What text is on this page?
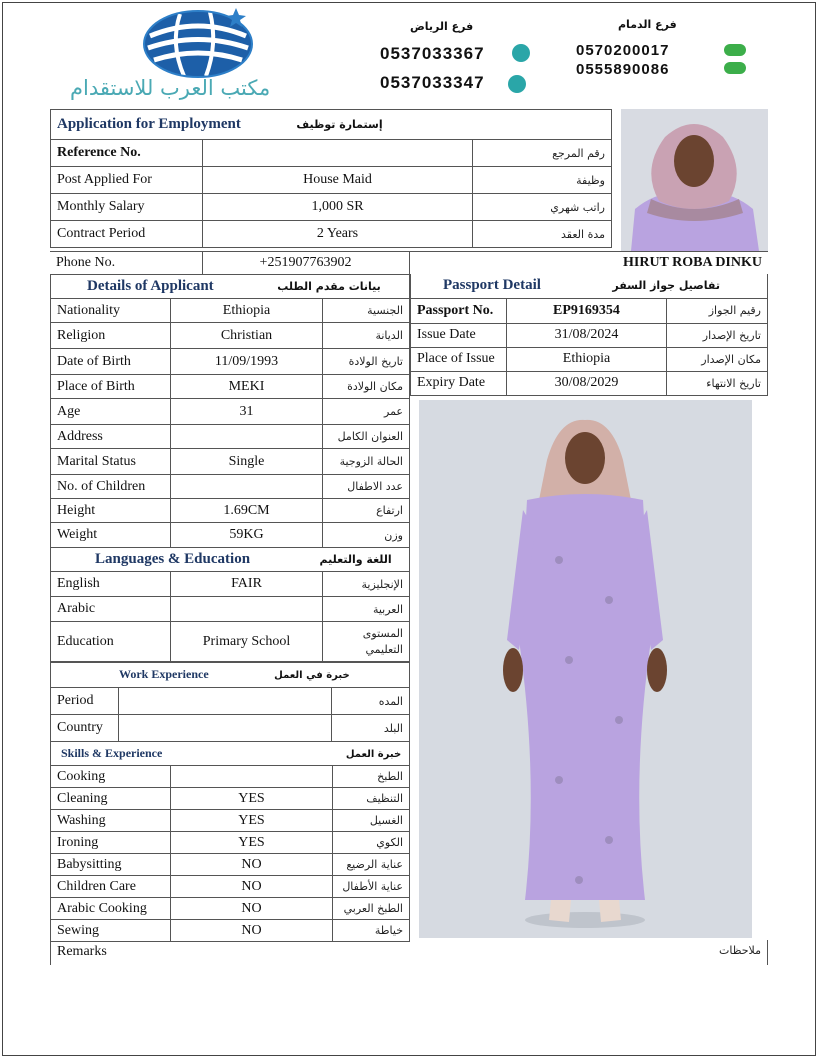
مكتب العرب للاستقدام
فرع الرياض
0537033367
0537033347
فرع الدمام
0570200017
0555890086
Application for Employment إستمارة توظيف		
Reference No.		رقم المرجع
Post Applied For	House Maid	وظيفة
Monthly Salary	1,000 SR	راتب شهري
Contract Period	2 Years	مدة العقد
Phone No.	+251907763902	HIRUT ROBA DINKU
Details of Applicant بيانات مقدم الطلب		
Nationality	Ethiopia	الجنسية
Religion	Christian	الديانة
Date of Birth	11/09/1993	تاريخ الولادة
Place of Birth	MEKI	مكان الولادة
Age	31	عمر
Address		العنوان الكامل
Marital Status	Single	الحالة الزوجية
No. of Children		عدد الاطفال
Height	1.69CM	ارتفاع
Weight	59KG	وزن
Languages & Education اللغة والتعليم		
English	FAIR	الإنجليزية
Arabic		العربية
Education	Primary School	المستوى التعليمي
Work Experience خبرة في العمل		
Period		المده
Country		البلد
Skills & Experience خبرة العمل		
Cooking		الطبخ
Cleaning	YES	التنظيف
Washing	YES	الغسيل
Ironing	YES	الكوي
Babysitting	NO	عناية الرضيع
Children Care	NO	عناية الأطفال
Arabic Cooking	NO	الطبخ العربي
Sewing	NO	خياطة
Passport Detail تفاصيل جواز السفر		
Passport No.	EP9169354	رقيم الجواز
Issue Date	31/08/2024	تاريخ الإصدار
Place of Issue	Ethiopia	مكان الإصدار
Expiry Date	30/08/2029	تاريخ الانتهاء
Remarks	ملاحظات
